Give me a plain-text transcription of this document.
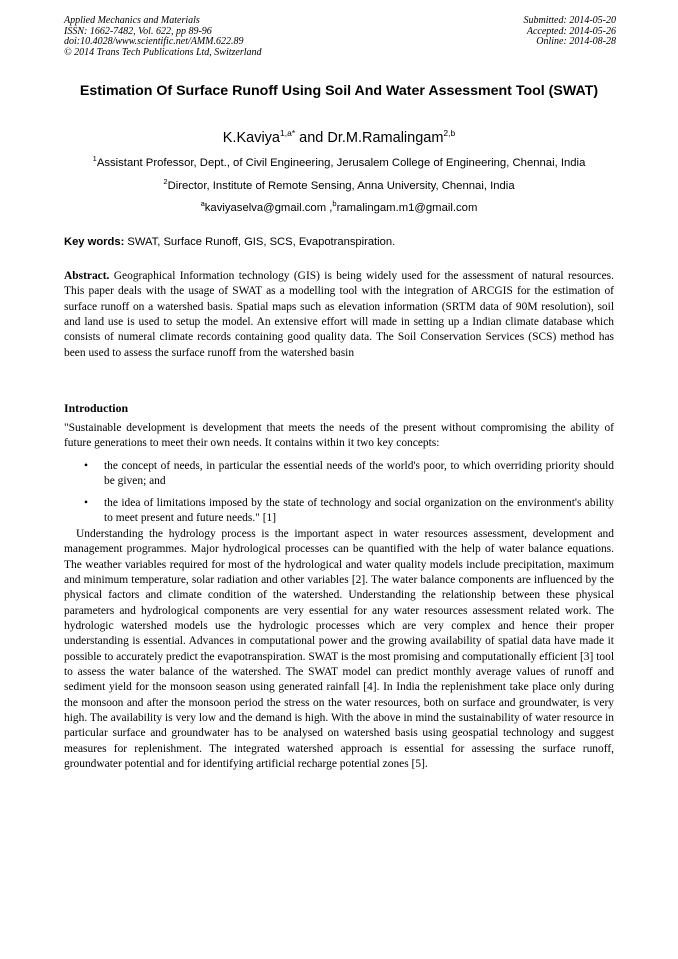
Applied Mechanics and Materials
ISSN: 1662-7482, Vol. 622, pp 89-96
doi:10.4028/www.scientific.net/AMM.622.89
© 2014 Trans Tech Publications Ltd, Switzerland
Submitted: 2014-05-20
Accepted: 2014-05-26
Online: 2014-08-28
Estimation Of Surface Runoff Using Soil And Water Assessment Tool (SWAT)
K.Kaviya$^{1,a*}$ and Dr.M.Ramalingam$^{2,b}$
$^1$Assistant Professor, Dept., of Civil Engineering, Jerusalem College of Engineering, Chennai, India
$^2$Director, Institute of Remote Sensing, Anna University, Chennai, India
$^a$kaviyaselva@gmail.com ,$^b$ramalingam.m1@gmail.com
Key words: SWAT, Surface Runoff, GIS, SCS, Evapotranspiration.
Abstract. Geographical Information technology (GIS) is being widely used for the assessment of natural resources. This paper deals with the usage of SWAT as a modelling tool with the integration of ARCGIS for the estimation of surface runoff on a watershed basis. Spatial maps such as elevation information (SRTM data of 90M resolution), soil and land use is used to setup the model. An extensive effort will made in setting up a Indian climate database which consists of numeral climate records containing good quality data. The Soil Conservation Services (SCS) method has been used to assess the surface runoff from the watershed basin
Introduction

"Sustainable development is development that meets the needs of the present without compromising the ability of future generations to meet their own needs. It contains within it two key concepts:

• the concept of needs, in particular the essential needs of the world's poor, to which overriding priority should be given; and
• the idea of limitations imposed by the state of technology and social organization on the environment's ability to meet present and future needs." [1]

Understanding the hydrology process is the important aspect in water resources assessment, development and management programmes. Major hydrological processes can be quantified with the help of water balance equations. The weather variables required for most of the hydrological and water quality models include precipitation, maximum and minimum temperature, solar radiation and other variables [2]. The water balance components are influenced by the physical factors and climate condition of the watershed. Understanding the relationship between these physical parameters and hydrological components are very essential for any water resources assessment related work. The hydrologic watershed models use the hydrologic processes which are very complex and hence their proper understanding is essential. Advances in computational power and the growing availability of spatial data have made it possible to accurately predict the evapotranspiration. SWAT is the most promising and computationally efficient [3] tool to assess the water balance of the watershed. The SWAT model can predict monthly average values of runoff and sediment yield for the monsoon season using generated rainfall [4]. In India the replenishment take place only during the monsoon and after the monsoon period the stress on the water resources, both on surface and groundwater, is very high. The availability is very low and the demand is high. With the above in mind the sustainability of water resource in particular surface and groundwater has to be analysed on watershed basis using geospatial technology and suggest measures for replenishment. The integrated watershed approach is essential for assessing the surface runoff, groundwater potential and for identifying artificial recharge potential zones [5].
